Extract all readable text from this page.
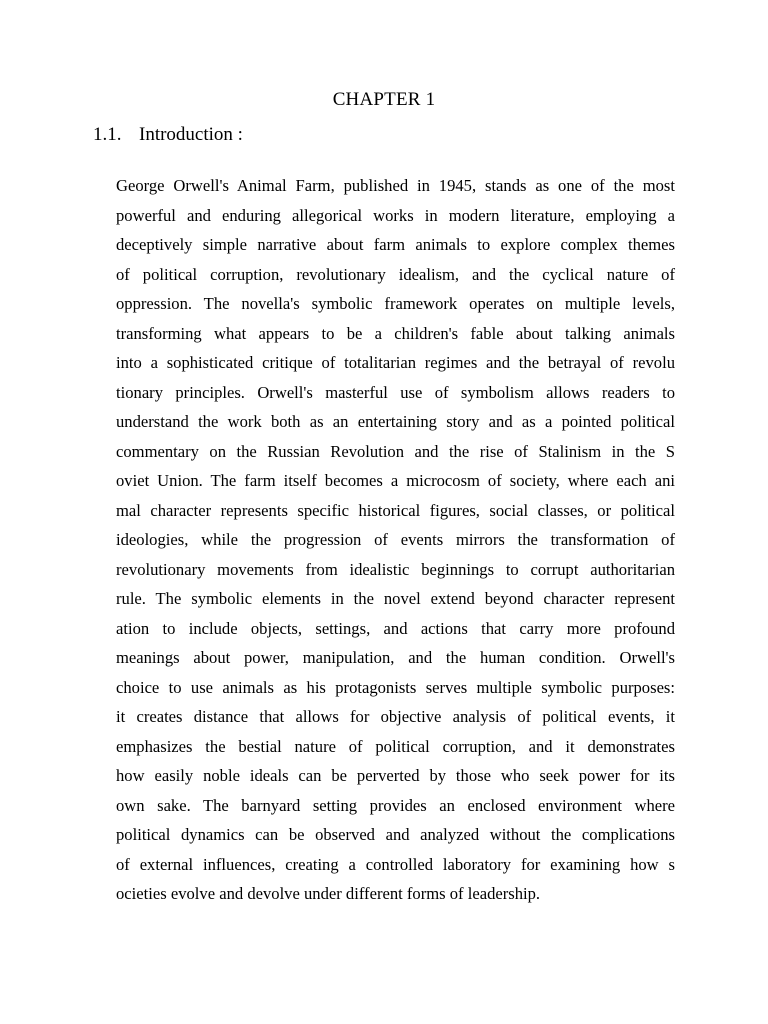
CHAPTER 1
1.1. Introduction :
George Orwell's Animal Farm, published in 1945, stands as one of the most
powerful and enduring allegorical works in modern literature, employing a
deceptively simple narrative about farm animals to explore complex themes
of political corruption, revolutionary idealism, and the cyclical nature of
oppression. The novella's symbolic framework operates on multiple levels,
transforming what appears to be a children's fable about talking animals
into a sophisticated critique of totalitarian regimes and the betrayal of revolu
tionary principles. Orwell's masterful use of symbolism allows readers to
understand the work both as an entertaining story and as a pointed political
commentary on the Russian Revolution and the rise of Stalinism in the S
oviet Union. The farm itself becomes a microcosm of society, where each ani
mal character represents specific historical figures, social classes, or political
ideologies, while the progression of events mirrors the transformation of
revolutionary movements from idealistic beginnings to corrupt authoritarian
rule. The symbolic elements in the novel extend beyond character represent
ation to include objects, settings, and actions that carry more profound
meanings about power, manipulation, and the human condition. Orwell's
choice to use animals as his protagonists serves multiple symbolic purposes:
it creates distance that allows for objective analysis of political events, it
emphasizes the bestial nature of political corruption, and it demonstrates
how easily noble ideals can be perverted by those who seek power for its
own sake. The barnyard setting provides an enclosed environment where
political dynamics can be observed and analyzed without the complications
of external influences, creating a controlled laboratory for examining how s
ocieties evolve and devolve under different forms of leadership.
